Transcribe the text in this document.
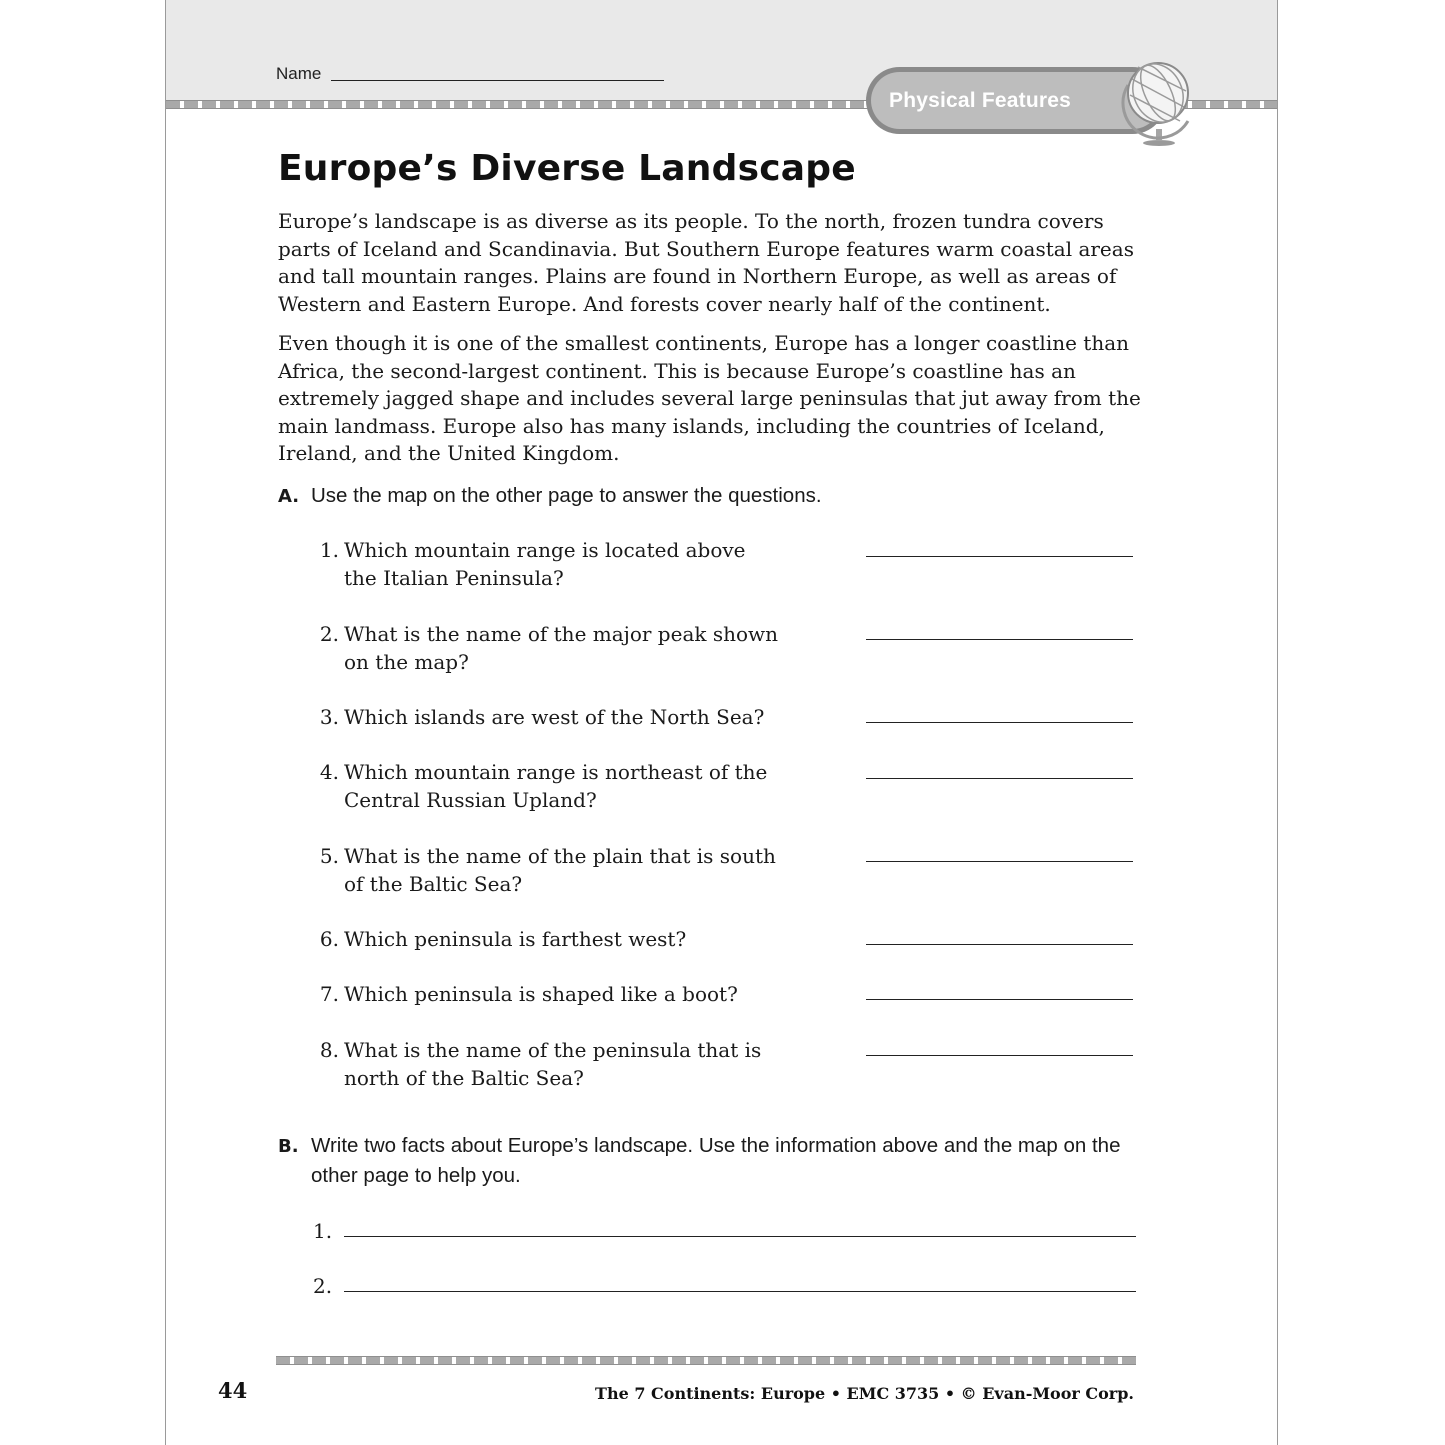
Name
Physical Features
Europe’s Diverse Landscape

Europe’s landscape is as diverse as its people. To the north, frozen tundra covers parts of Iceland and Scandinavia. But Southern Europe features warm coastal areas and tall mountain ranges. Plains are found in Northern Europe, as well as areas of Western and Eastern Europe. And forests cover nearly half of the continent.

Even though it is one of the smallest continents, Europe has a longer coastline than Africa, the second-largest continent. This is because Europe’s coastline has an extremely jagged shape and includes several large peninsulas that jut away from the main landmass. Europe also has many islands, including the countries of Iceland, Ireland, and the United Kingdom.

A. Use the map on the other page to answer the questions.
1. Which mountain range is located above the Italian Peninsula?
2. What is the name of the major peak shown on the map?
3. Which islands are west of the North Sea?
4. Which mountain range is northeast of the Central Russian Upland?
5. What is the name of the plain that is south of the Baltic Sea?
6. Which peninsula is farthest west?
7. Which peninsula is shaped like a boot?
8. What is the name of the peninsula that is north of the Baltic Sea?
B. Write two facts about Europe’s landscape. Use the information above and the map on the other page to help you.
1.
2.
44	The 7 Continents: Europe • EMC 3735 • © Evan-Moor Corp.
